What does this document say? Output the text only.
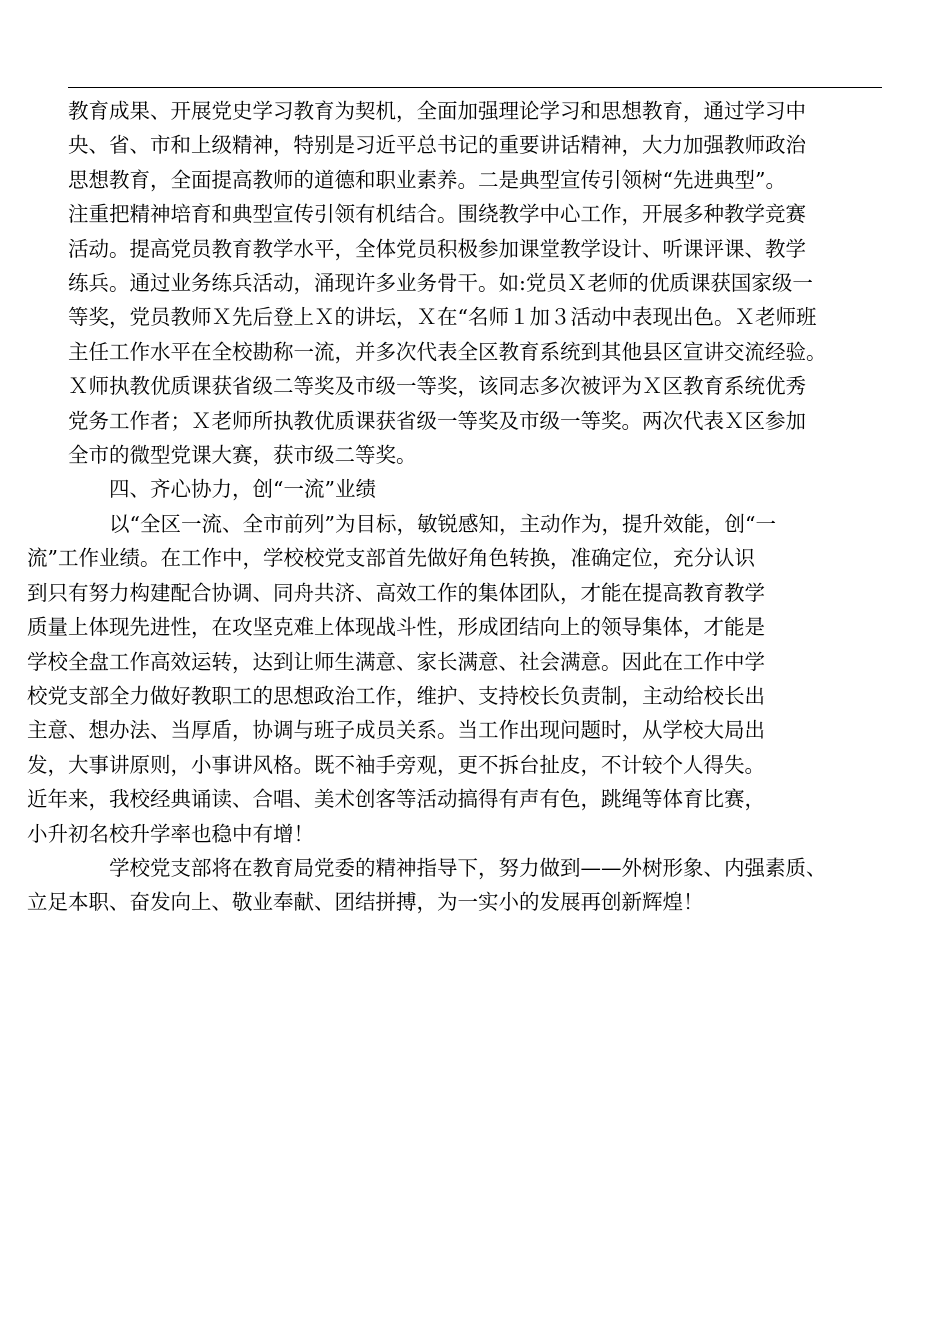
教育成果、开展党史学习教育为契机，全面加强理论学习和思想教育，通过学习中
央、省、市和上级精神，特别是习近平总书记的重要讲话精神，大力加强教师政治
思想教育，全面提高教师的道德和职业素养。二是典型宣传引领树“先进典型”。
注重把精神培育和典型宣传引领有机结合。围绕教学中心工作，开展多种教学竞赛
活动。提高党员教育教学水平，全体党员积极参加课堂教学设计、听课评课、教学
练兵。通过业务练兵活动，涌现许多业务骨干。如:党员Ｘ老师的优质课获国家级一
等奖，党员教师Ｘ先后登上Ｘ的讲坛，Ｘ在“名师１加３活动中表现出色。Ｘ老师班
主任工作水平在全校勘称一流，并多次代表全区教育系统到其他县区宣讲交流经验。
Ｘ师执教优质课获省级二等奖及市级一等奖，该同志多次被评为Ｘ区教育系统优秀
党务工作者；Ｘ老师所执教优质课获省级一等奖及市级一等奖。两次代表Ｘ区参加
全市的微型党课大赛，获市级二等奖。

四、齐心协力，创“一流”业绩

以“全区一流、全市前列”为目标，敏锐感知，主动作为，提升效能，创“一
流”工作业绩。在工作中，学校校党支部首先做好角色转换，准确定位，充分认识
到只有努力构建配合协调、同舟共济、高效工作的集体团队，才能在提高教育教学
质量上体现先进性，在攻坚克难上体现战斗性，形成团结向上的领导集体，才能是
学校全盘工作高效运转，达到让师生满意、家长满意、社会满意。因此在工作中学
校党支部全力做好教职工的思想政治工作，维护、支持校长负责制，主动给校长出
主意、想办法、当厚盾，协调与班子成员关系。当工作出现问题时，从学校大局出
发，大事讲原则，小事讲风格。既不袖手旁观，更不拆台扯皮，不计较个人得失。
近年来，我校经典诵读、合唱、美术创客等活动搞得有声有色，跳绳等体育比赛，
小升初名校升学率也稳中有增！

学校党支部将在教育局党委的精神指导下，努力做到——外树形象、内强素质、
立足本职、奋发向上、敬业奉献、团结拼搏，为一实小的发展再创新辉煌！
